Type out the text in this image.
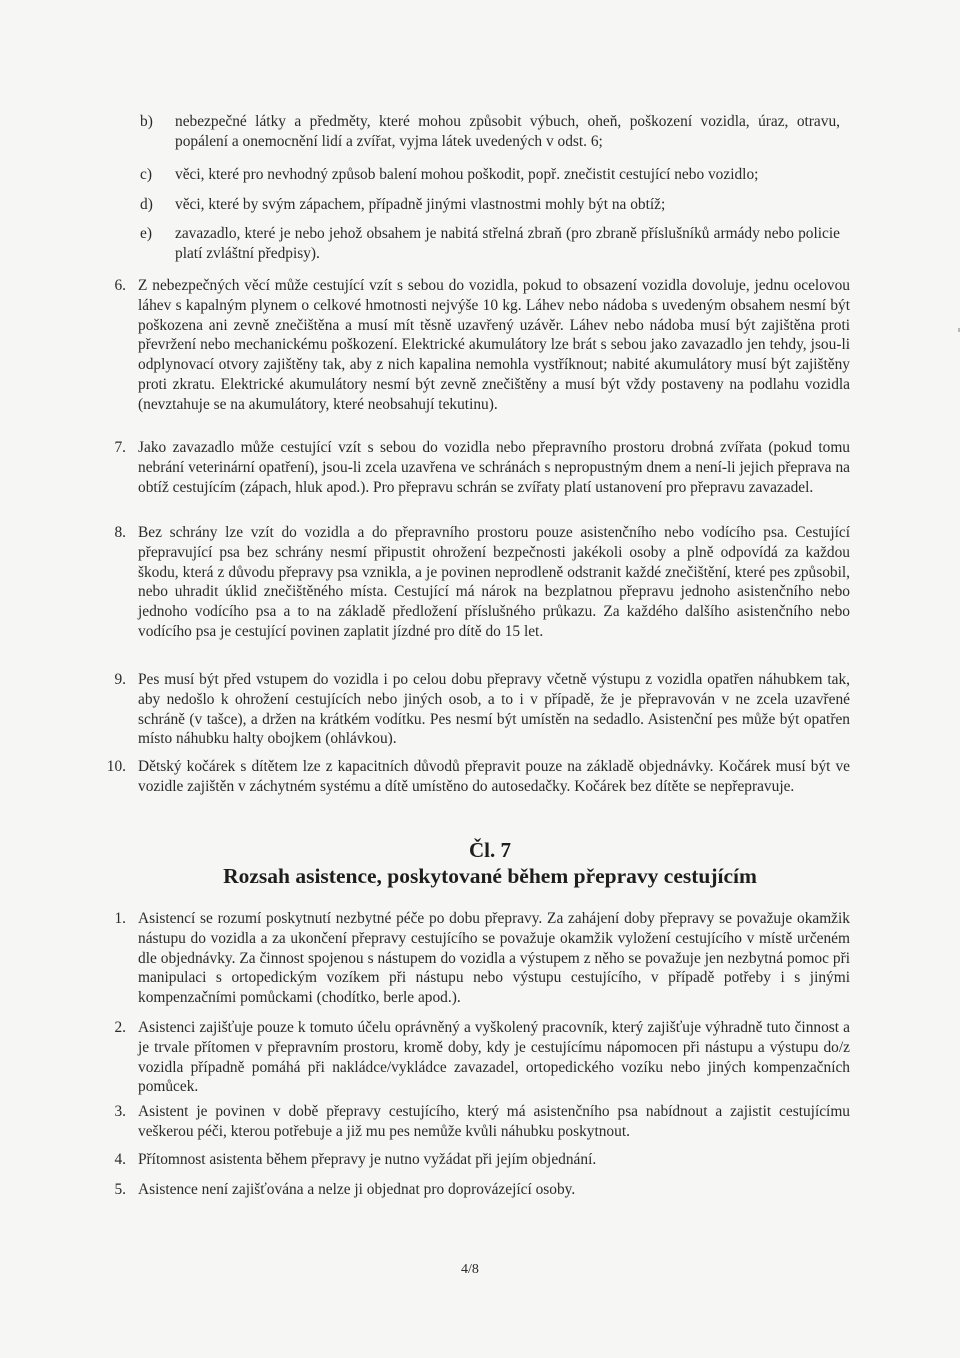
b) nebezpečné látky a předměty, které mohou způsobit výbuch, oheň, poškození vozidla, úraz, otravu, popálení a onemocnění lidí a zvířat, vyjma látek uvedených v odst. 6;
c) věci, které pro nevhodný způsob balení mohou poškodit, popř. znečistit cestující nebo vozidlo;
d) věci, které by svým zápachem, případně jinými vlastnostmi mohly být na obtíž;
e) zavazadlo, které je nebo jehož obsahem je nabitá střelná zbraň (pro zbraně příslušníků armády nebo policie platí zvláštní předpisy).
6. Z nebezpečných věcí může cestující vzít s sebou do vozidla, pokud to obsazení vozidla dovoluje, jednu ocelovou láhev s kapalným plynem o celkové hmotnosti nejvýše 10 kg. Láhev nebo nádoba s uvedeným obsahem nesmí být poškozena ani zevně znečištěna a musí mít těsně uzavřený uzávěr. Láhev nebo nádoba musí být zajištěna proti převržení nebo mechanickému poškození. Elektrické akumulátory lze brát s sebou jako zavazadlo jen tehdy, jsou-li odplynovací otvory zajištěny tak, aby z nich kapalina nemohla vystříknout; nabité akumulátory musí být zajištěny proti zkratu. Elektrické akumulátory nesmí být zevně znečištěny a musí být vždy postaveny na podlahu vozidla (nevztahuje se na akumulátory, které neobsahují tekutinu).
7. Jako zavazadlo může cestující vzít s sebou do vozidla nebo přepravního prostoru drobná zvířata (pokud tomu nebrání veterinární opatření), jsou-li zcela uzavřena ve schránách s nepropustným dnem a není-li jejich přeprava na obtíž cestujícím (zápach, hluk apod.). Pro přepravu schrán se zvířaty platí ustanovení pro přepravu zavazadel.
8. Bez schrány lze vzít do vozidla a do přepravního prostoru pouze asistenčního nebo vodícího psa. Cestující přepravující psa bez schrány nesmí připustit ohrožení bezpečnosti jakékoli osoby a plně odpovídá za každou škodu, která z důvodu přepravy psa vznikla, a je povinen neprodleně odstranit každé znečištění, které pes způsobil, nebo uhradit úklid znečištěného místa. Cestující má nárok na bezplatnou přepravu jednoho asistenčního nebo jednoho vodícího psa a to na základě předložení příslušného průkazu. Za každého dalšího asistenčního nebo vodícího psa je cestující povinen zaplatit jízdné pro dítě do 15 let.
9. Pes musí být před vstupem do vozidla i po celou dobu přepravy včetně výstupu z vozidla opatřen náhubkem tak, aby nedošlo k ohrožení cestujících nebo jiných osob, a to i v případě, že je přepravován v ne zcela uzavřené schráně (v tašce), a držen na krátkém vodítku. Pes nesmí být umístěn na sedadlo. Asistenční pes může být opatřen místo náhubku halty obojkem (ohlávkou).
10. Dětský kočárek s dítětem lze z kapacitních důvodů přepravit pouze na základě objednávky. Kočárek musí být ve vozidle zajištěn v záchytném systému a dítě umístěno do autosedačky. Kočárek bez dítěte se nepřepravuje.
Čl. 7
Rozsah asistence, poskytované během přepravy cestujícím
1. Asistencí se rozumí poskytnutí nezbytné péče po dobu přepravy. Za zahájení doby přepravy se považuje okamžik nástupu do vozidla a za ukončení přepravy cestujícího se považuje okamžik vyložení cestujícího v místě určeném dle objednávky. Za činnost spojenou s nástupem do vozidla a výstupem z něho se považuje jen nezbytná pomoc při manipulaci s ortopedickým vozíkem při nástupu nebo výstupu cestujícího, v případě potřeby i s jinými kompenzačními pomůckami (chodítko, berle apod.).
2. Asistenci zajišťuje pouze k tomuto účelu oprávněný a vyškolený pracovník, který zajišťuje výhradně tuto činnost a je trvale přítomen v přepravním prostoru, kromě doby, kdy je cestujícímu nápomocen při nástupu a výstupu do/z vozidla případně pomáhá při nakládce/vykládce zavazadel, ortopedického vozíku nebo jiných kompenzačních pomůcek.
3. Asistent je povinen v době přepravy cestujícího, který má asistenčního psa nabídnout a zajistit cestujícímu veškerou péči, kterou potřebuje a již mu pes nemůže kvůli náhubku poskytnout.
4. Přítomnost asistenta během přepravy je nutno vyžádat při jejím objednání.
5. Asistence není zajišťována a nelze ji objednat pro doprovázející osoby.
4/8
